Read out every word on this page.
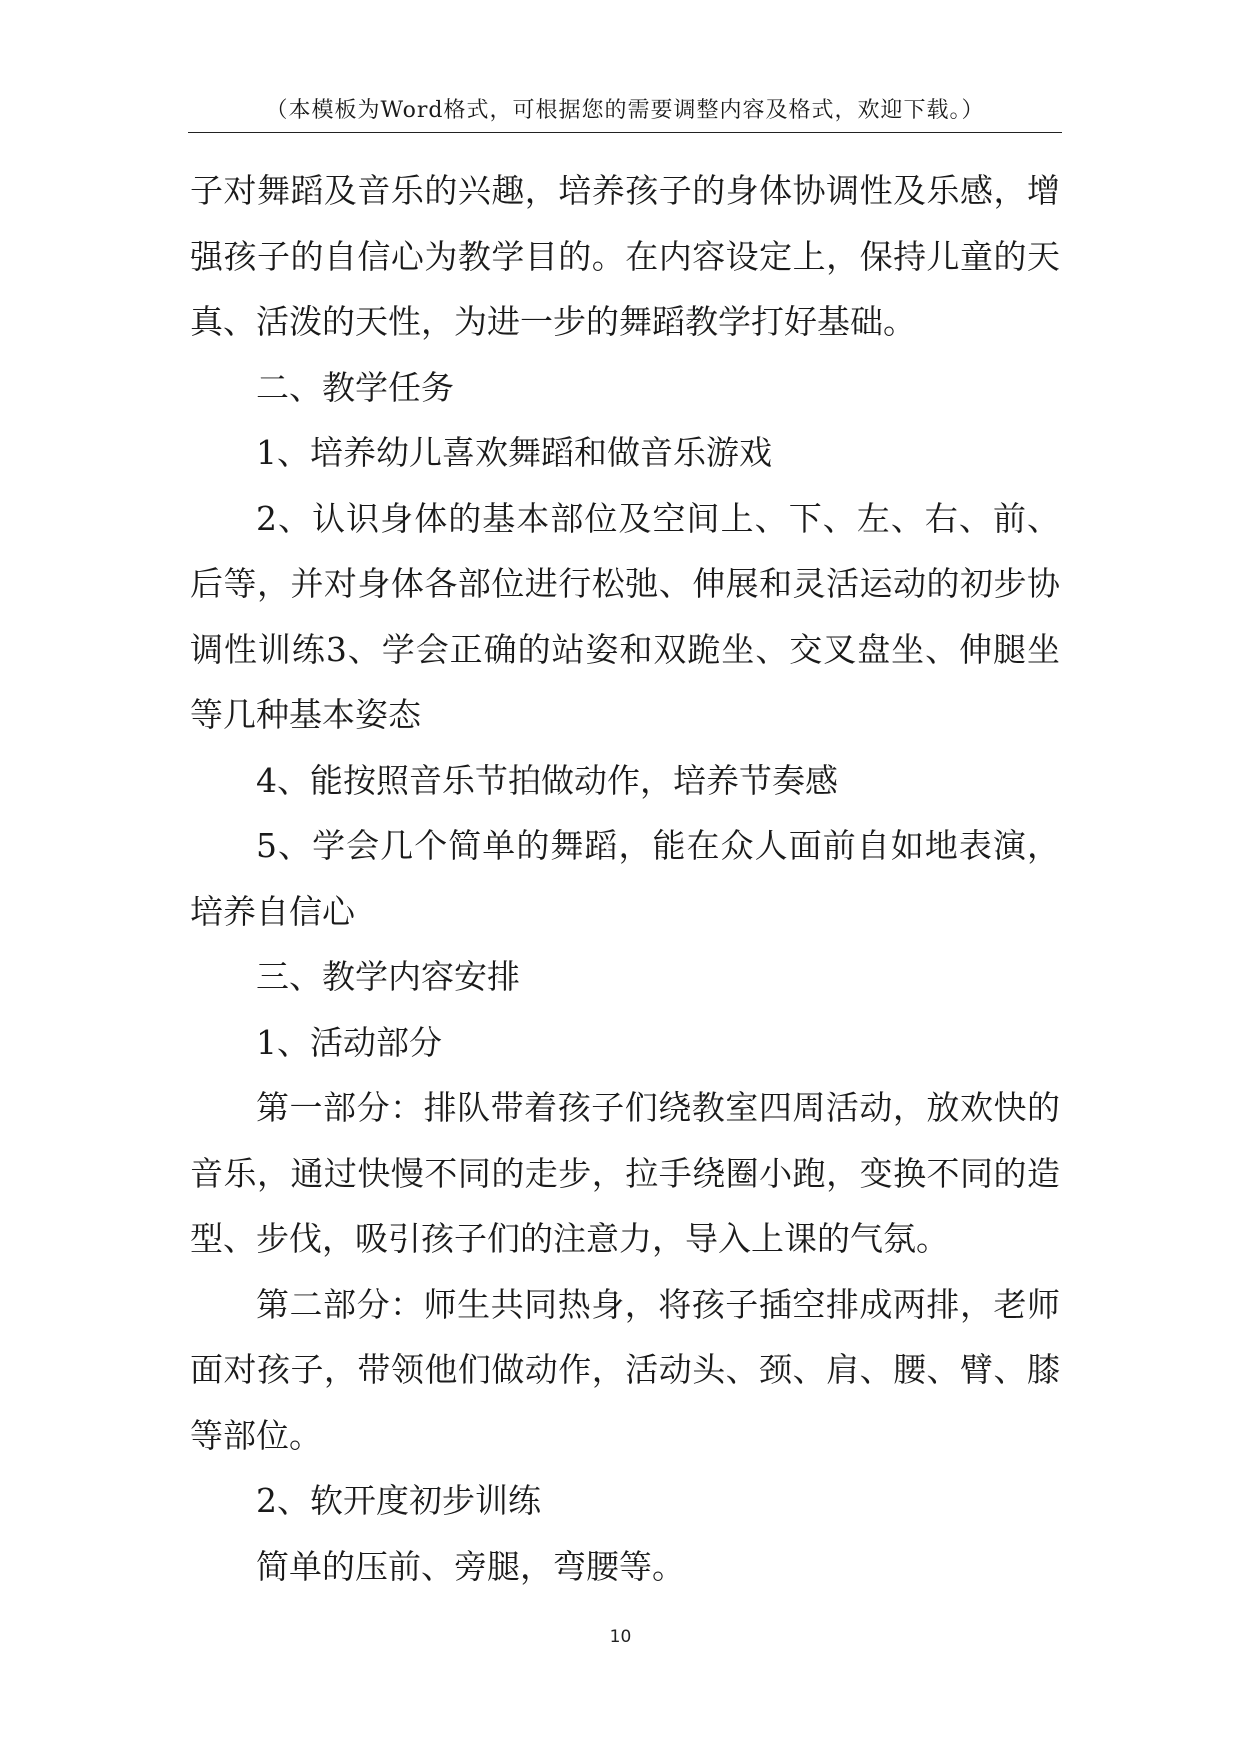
（本模板为Word格式，可根据您的需要调整内容及格式，欢迎下载。）

子对舞蹈及音乐的兴趣，培养孩子的身体协调性及乐感，增强孩子的自信心为教学目的。在内容设定上，保持儿童的天真、活泼的天性，为进一步的舞蹈教学打好基础。

二、教学任务

1、培养幼儿喜欢舞蹈和做音乐游戏

2、认识身体的基本部位及空间上、下、左、右、前、后等，并对身体各部位进行松弛、伸展和灵活运动的初步协调性训练3、学会正确的站姿和双跪坐、交叉盘坐、伸腿坐等几种基本姿态

4、能按照音乐节拍做动作，培养节奏感

5、学会几个简单的舞蹈，能在众人面前自如地表演，培养自信心

三、教学内容安排

1、活动部分

第一部分：排队带着孩子们绕教室四周活动，放欢快的音乐，通过快慢不同的走步，拉手绕圈小跑，变换不同的造型、步伐，吸引孩子们的注意力，导入上课的气氛。

第二部分：师生共同热身，将孩子插空排成两排，老师面对孩子，带领他们做动作，活动头、颈、肩、腰、臂、膝等部位。

2、软开度初步训练

简单的压前、旁腿，弯腰等。

10
